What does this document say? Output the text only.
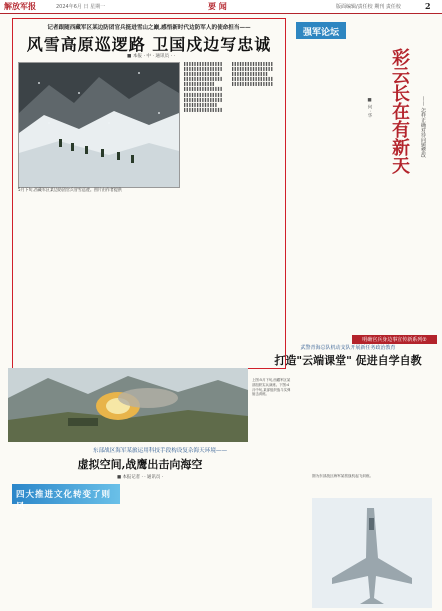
解放军报	2024年6月 日 星期一	要 闻	版面编辑/责任校 期刊 责任校	2
记者跟随西藏军区某边防团官兵挺进雪山之巅,感悟新时代边防军人的使命担当——
风雪高原巡逻路 卫国戍边写忠诚
■ 本报 · 中 · 通讯员 · ·
5月下旬,西藏军区某边防团官兵冒雪巡逻。图片由作者提供
▌▌▌▌▌▌▌▌▌▌▌▌▌▌▌
▌▌▌▌▌▌▌▌▌▌▌▌▌▌▌
▌▌▌▌▌▌▌▌▌▌▌▌▌▌
▌▌▌▌▌▌▌▌▌▌▌▌▌▌▌
▌▌▌▌▌▌▌▌▌▌▌▌
▌▌▌▌▌▌▌▌▌▌▌▌▌▌▌
▌▌▌▌▌▌▌▌▌▌▌▌▌▌▌
▌▌▌▌▌▌▌▌▌▌▌▌▌▌▌
▌▌▌▌▌▌▌▌▌▌▌▌▌
▌▌▌▌▌▌▌▌▌▌▌▌▌▌▌
▌▌▌▌▌▌▌▌▌▌▌▌▌▌▌▌
▌▌▌▌▌▌▌▌▌▌▌▌▌▌▌▌
▌▌▌▌▌▌▌▌▌▌▌▌▌▌
▌▌▌▌▌▌▌▌▌▌▌▌▌▌▌▌
▌▌▌▌▌▌▌▌▌▌▌▌▌▌▌▌
强军论坛
彩云长在有新天	—— 怎样正确对待问题整改
■ 何 · 华
明确官兵身边事宣传新系列②
上图:5月下旬,西藏军区某部组织实兵演练。下图:4月中旬,某部组织战斗实弹射击训练。
武警青海总队机动支队开展新任务政治教育
打造"云端课堂" 促进自学自教
东部战区海军某旅运用科技手段构设复杂海天环境——
虚拟空间,战鹰出击向海空
■ 本报记者 · · 通讯员 ·
四大推进文化转变了则风
图为东部战区海军某旅战机起飞训练。
